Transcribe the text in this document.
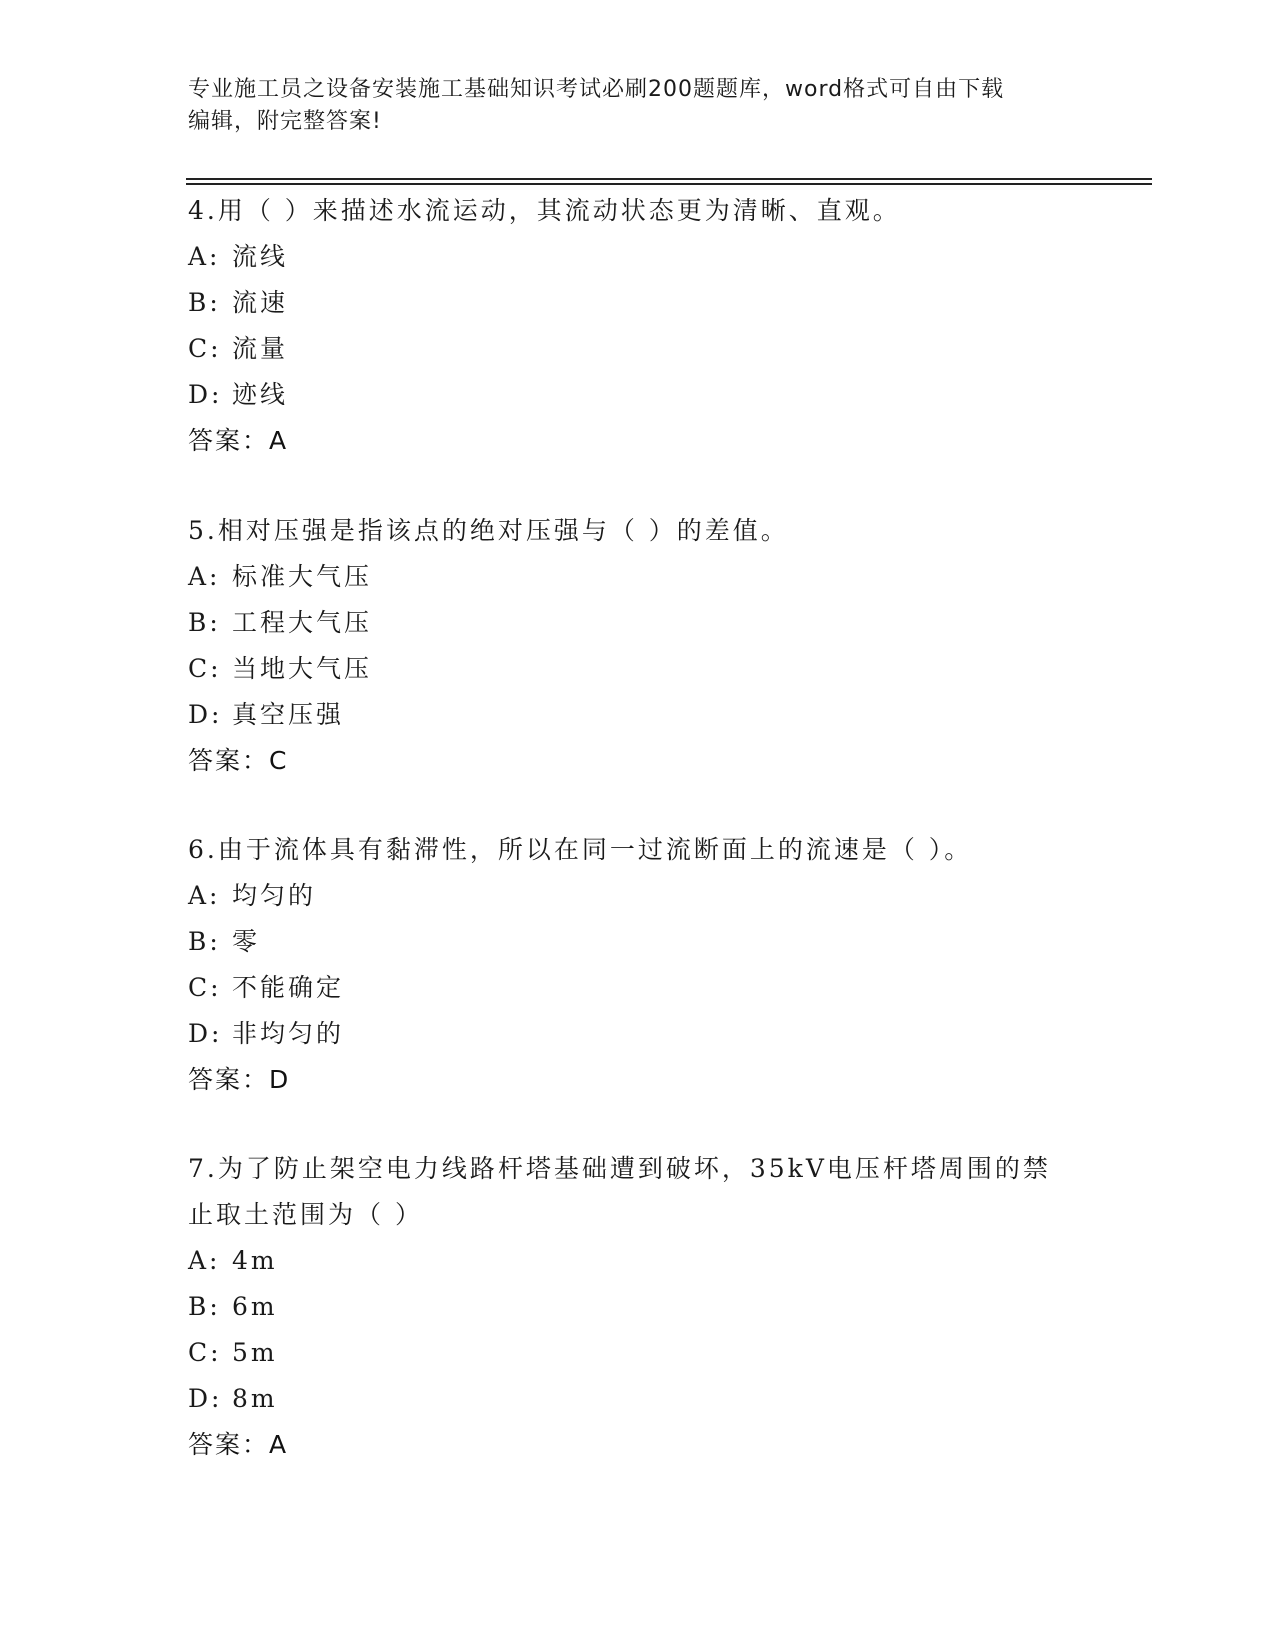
专业施工员之设备安装施工基础知识考试必刷200题题库，word格式可自由下载
编辑，附完整答案!
4.用（ ）来描述水流运动，其流动状态更为清晰、直观。
A: 流线
B: 流速
C: 流量
D: 迹线
答案：A
5.相对压强是指该点的绝对压强与（ ）的差值。
A: 标准大气压
B: 工程大气压
C: 当地大气压
D: 真空压强
答案：C
6.由于流体具有黏滞性，所以在同一过流断面上的流速是（ ）。
A: 均匀的
B: 零
C: 不能确定
D: 非均匀的
答案：D
7.为了防止架空电力线路杆塔基础遭到破坏，35kV电压杆塔周围的禁
止取土范围为（ ）
A: 4m
B: 6m
C: 5m
D: 8m
答案：A
